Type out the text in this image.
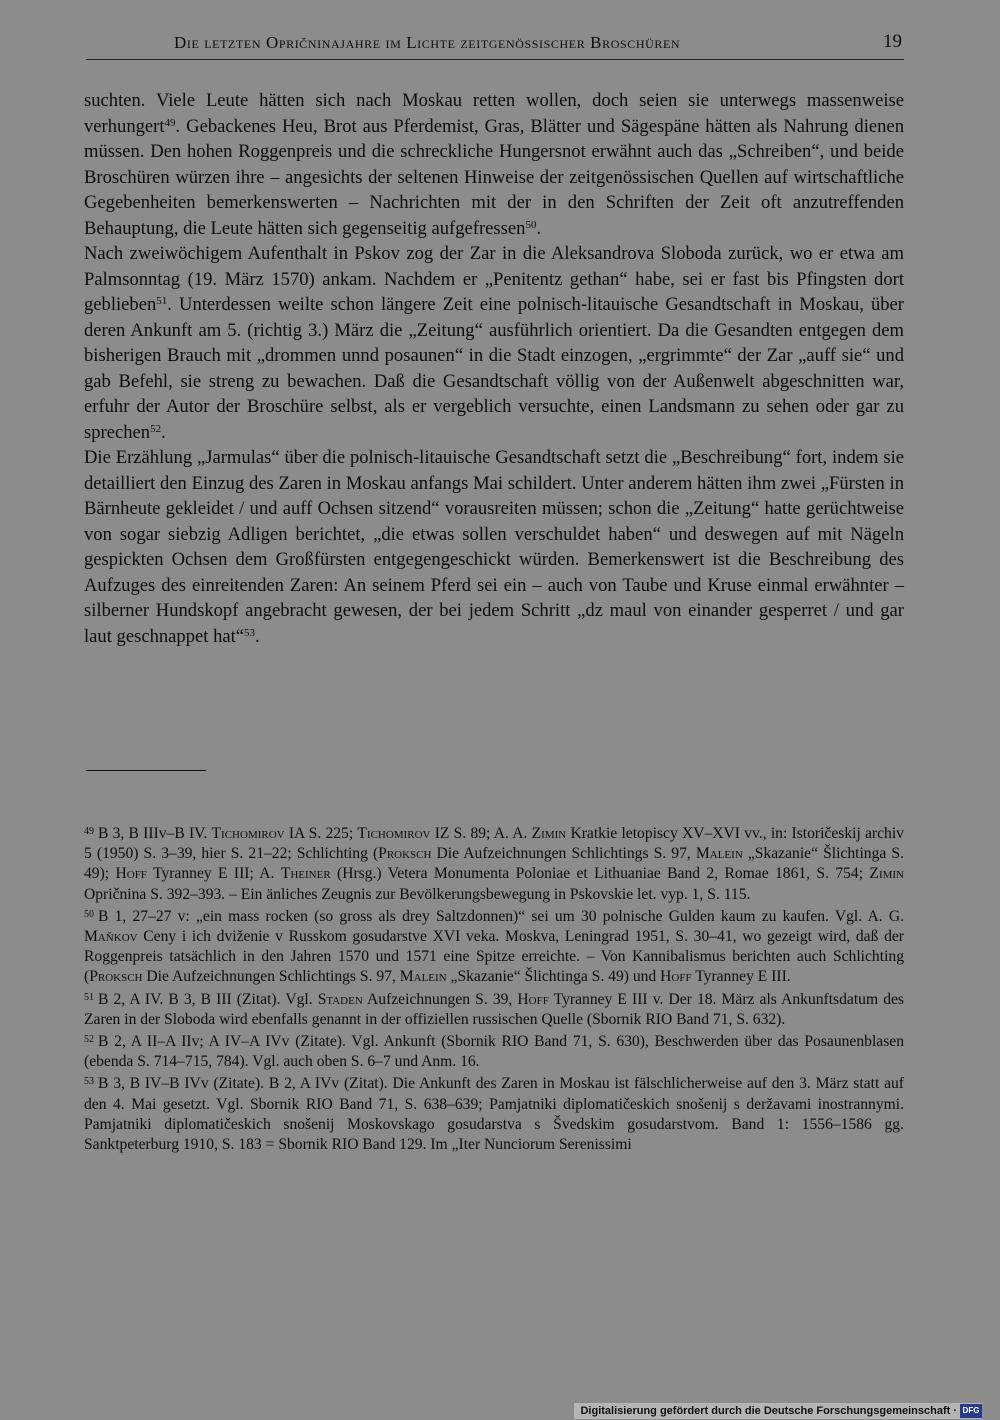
Die letzten Opričninajahre im Lichte zeitgenössischer Broschüren	19

suchten. Viele Leute hätten sich nach Moskau retten wollen, doch seien sie unterwegs massenweise verhungert$^{49}$. Gebackenes Heu, Brot aus Pferdemist, Gras, Blätter und Sägespäne hätten als Nahrung dienen müssen. Den hohen Roggenpreis und die schreckliche Hungersnot erwähnt auch das „Schreiben“, und beide Broschüren würzen ihre – angesichts der seltenen Hinweise der zeitgenössischen Quellen auf wirtschaftliche Gegebenheiten bemerkenswerten – Nachrichten mit der in den Schriften der Zeit oft anzutreffenden Behauptung, die Leute hätten sich gegenseitig aufgefressen$^{50}$.

Nach zweiwöchigem Aufenthalt in Pskov zog der Zar in die Aleksandrova Sloboda zurück, wo er etwa am Palmsonntag (19. März 1570) ankam. Nachdem er „Penitentz gethan“ habe, sei er fast bis Pfingsten dort geblieben$^{51}$. Unterdessen weilte schon längere Zeit eine polnisch-litauische Gesandtschaft in Moskau, über deren Ankunft am 5. (richtig 3.) März die „Zeitung“ ausführlich orientiert. Da die Gesandten entgegen dem bisherigen Brauch mit „drommen unnd posaunen“ in die Stadt einzogen, „ergrimmte“ der Zar „auff sie“ und gab Befehl, sie streng zu bewachen. Daß die Gesandtschaft völlig von der Außenwelt abgeschnitten war, erfuhr der Autor der Broschüre selbst, als er vergeblich versuchte, einen Landsmann zu sehen oder gar zu sprechen$^{52}$.

Die Erzählung „Jarmulas“ über die polnisch-litauische Gesandtschaft setzt die „Beschreibung“ fort, indem sie detailliert den Einzug des Zaren in Moskau anfangs Mai schildert. Unter anderem hätten ihm zwei „Fürsten in Bärnheute gekleidet / und auff Ochsen sitzend“ vorausreiten müssen; schon die „Zeitung“ hatte gerüchtweise von sogar siebzig Adligen berichtet, „die etwas sollen verschuldet haben“ und deswegen auf mit Nägeln gespickten Ochsen dem Großfürsten entgegengeschickt würden. Bemerkenswert ist die Beschreibung des Aufzuges des einreitenden Zaren: An seinem Pferd sei ein – auch von Taube und Kruse einmal erwähnter – silberner Hundskopf angebracht gewesen, der bei jedem Schritt „dz maul von einander gesperret / und gar laut geschnappet hat“$^{53}$.

$^{49}$ B 3, B IIIv–B IV. Tichomirov IA S. 225; Tichomirov IZ S. 89; A. A. Zimin Kratkie letopiscy XV–XVI vv., in: Istoričeskij archiv 5 (1950) S. 3–39, hier S. 21–22; Schlichting (Proksch Die Aufzeichnungen Schlichtings S. 97, Malein „Skazanie“ Šlichtinga S. 49); Hoff Tyranney E III; A. Theiner (Hrsg.) Vetera Monumenta Poloniae et Lithuaniae Band 2, Romae 1861, S. 754; Zimin Opričnina S. 392–393. – Ein änliches Zeugnis zur Bevölkerungsbewegung in Pskovskie let. vyp. 1, S. 115.

$^{50}$ B 1, 27–27 v: „ein mass rocken (so gross als drey Saltzdonnen)“ sei um 30 polnische Gulden kaum zu kaufen. Vgl. A. G. Maňkov Ceny i ich dviženie v Russkom gosudarstve XVI veka. Moskva, Leningrad 1951, S. 30–41, wo gezeigt wird, daß der Roggenpreis tatsächlich in den Jahren 1570 und 1571 eine Spitze erreichte. – Von Kannibalismus berichten auch Schlichting (Proksch Die Aufzeichnungen Schlichtings S. 97, Malein „Skazanie“ Šlichtinga S. 49) und Hoff Tyranney E III.

$^{51}$ B 2, A IV. B 3, B III (Zitat). Vgl. Staden Aufzeichnungen S. 39, Hoff Tyranney E III v. Der 18. März als Ankunftsdatum des Zaren in der Sloboda wird ebenfalls genannt in der offiziellen russischen Quelle (Sbornik RIO Band 71, S. 632).

$^{52}$ B 2, A II–A IIv; A IV–A IVv (Zitate). Vgl. Ankunft (Sbornik RIO Band 71, S. 630), Beschwerden über das Posaunenblasen (ebenda S. 714–715, 784). Vgl. auch oben S. 6–7 und Anm. 16.

$^{53}$ B 3, B IV–B IVv (Zitate). B 2, A IVv (Zitat). Die Ankunft des Zaren in Moskau ist fälschlicherweise auf den 3. März statt auf den 4. Mai gesetzt. Vgl. Sbornik RIO Band 71, S. 638–639; Pamjatniki diplomatičeskich snošenij s deržavami inostrannymi. Pamjatniki diplomatičeskich snošenij Moskovskago gosudarstva s Švedskim gosudarstvom. Band 1: 1556–1586 gg. Sanktpeterburg 1910, S. 183 = Sbornik RIO Band 129. Im „Iter Nunciorum Serenissimi

Digitalisierung gefördert durch die Deutsche Forschungsgemeinschaft · DFG
